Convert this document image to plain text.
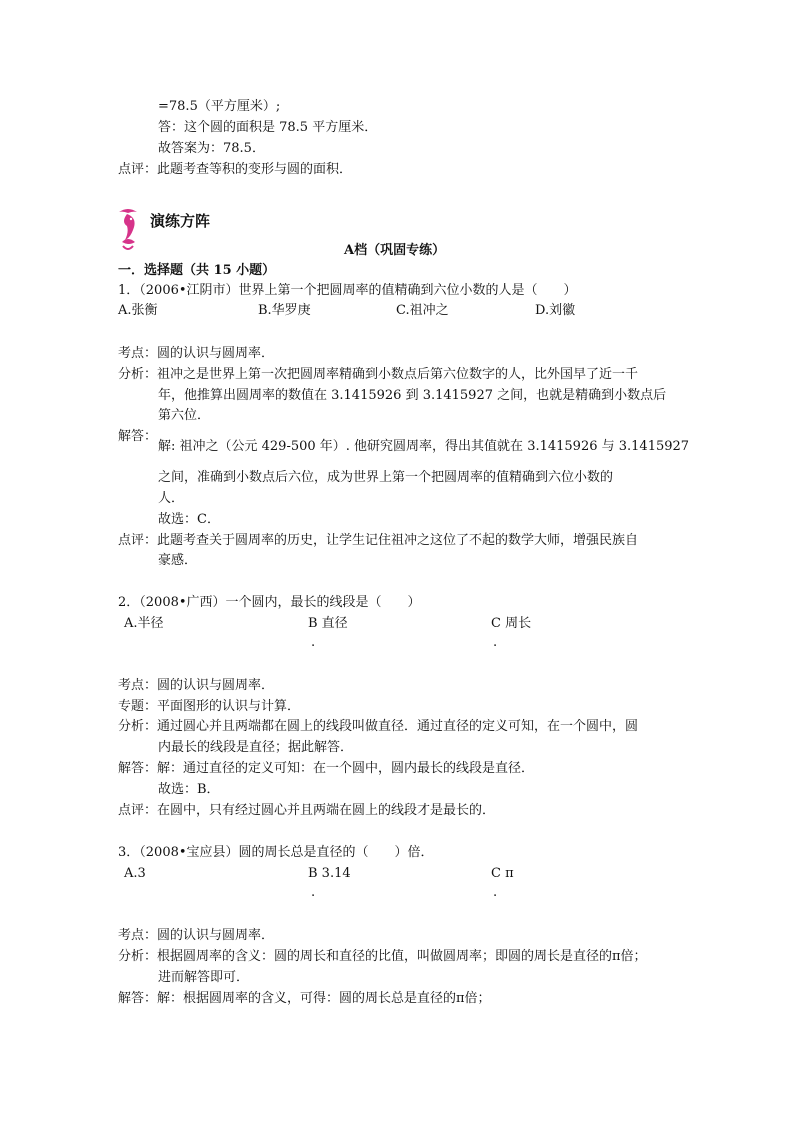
=78.5（平方厘米）;
答：这个圆的面积是 78.5 平方厘米．
故答案为：78.5．
点评：此题考查等积的变形与圆的面积．
演练方阵
A档（巩固专练）
一．选择题（共 15 小题）
1．（2006•江阴市）世界上第一个把圆周率的值精确到六位小数的人是（　　）
A.张衡	B.华罗庚	C.祖冲之	D.刘徽
考点：圆的认识与圆周率．
分析：祖冲之是世界上第一次把圆周率精确到小数点后第六位数字的人，比外国早了近一千
年，他推算出圆周率的数值在 3.1415926 到 3.1415927 之间，也就是精确到小数点后
第六位．
解答：
解: 祖冲之（公元 429-500 年）. 他研究圆周率，得出其值就在 3.1415926 与 3.1415927
之间，准确到小数点后六位，成为世界上第一个把圆周率的值精确到六位小数的
人．
故选：C．
点评：此题考查关于圆周率的历史，让学生记住祖冲之这位了不起的数学大师，增强民族自
豪感．
2．（2008•广西）一个圆内，最长的线段是（　　）
A.半径	B 直径	C 周长
.	.
考点：圆的认识与圆周率．
专题：平面图形的认识与计算．
分析：通过圆心并且两端都在圆上的线段叫做直径．通过直径的定义可知，在一个圆中，圆
内最长的线段是直径；据此解答．
解答：解：通过直径的定义可知：在一个圆中，圆内最长的线段是直径．
故选：B．
点评：在圆中，只有经过圆心并且两端在圆上的线段才是最长的．
3．（2008•宝应县）圆的周长总是直径的（　　）倍．
A.3	B 3.14	C π
.	.
考点：圆的认识与圆周率．
分析：根据圆周率的含义：圆的周长和直径的比值，叫做圆周率；即圆的周长是直径的π倍；
进而解答即可．
解答：解：根据圆周率的含义，可得：圆的周长总是直径的π倍；
